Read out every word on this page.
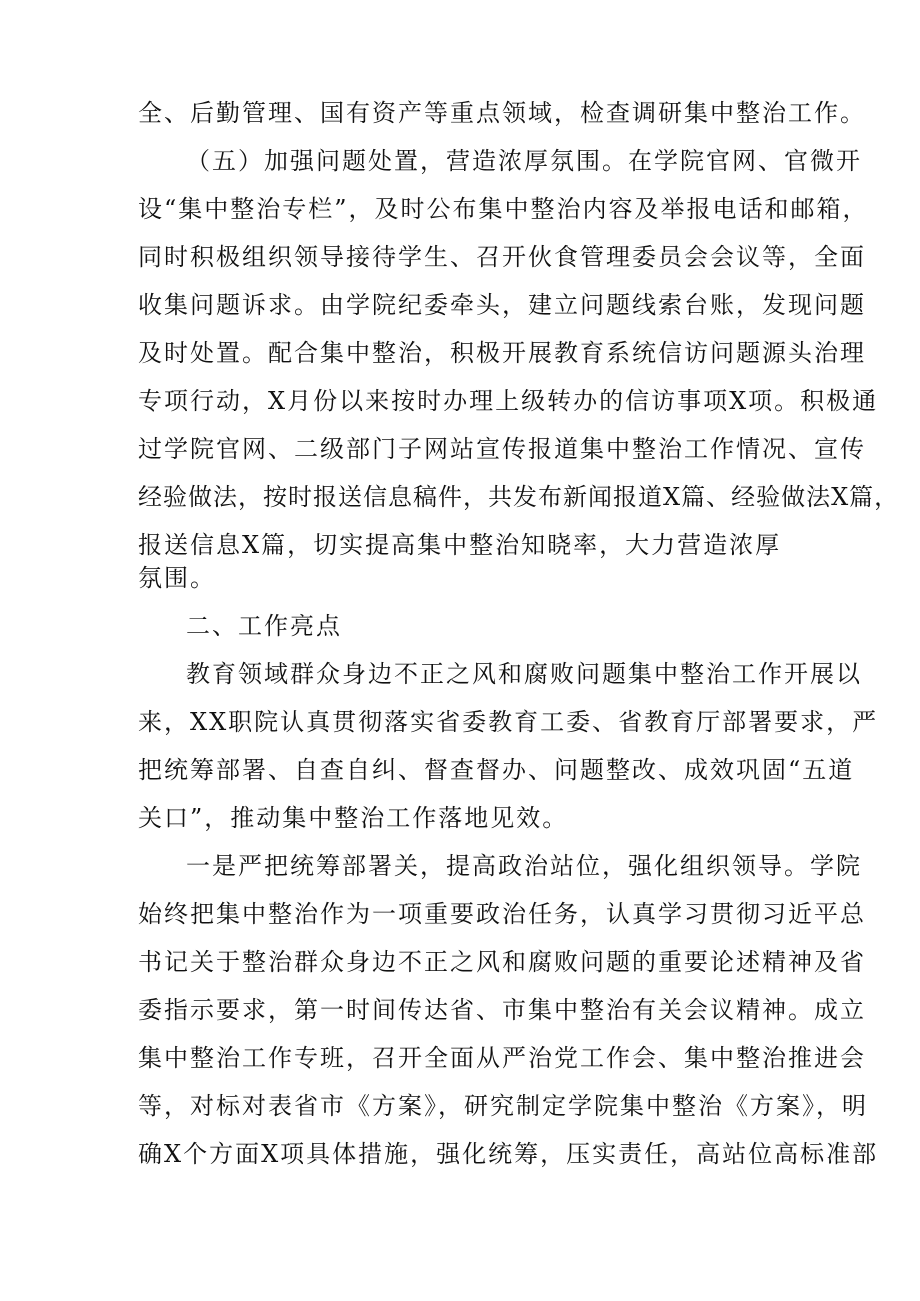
全、后勤管理、国有资产等重点领域，检查调研集中整治工作。
（五）加强问题处置，营造浓厚氛围。在学院官网、官微开
设“集中整治专栏”，及时公布集中整治内容及举报电话和邮箱，
同时积极组织领导接待学生、召开伙食管理委员会会议等，全面
收集问题诉求。由学院纪委牵头，建立问题线索台账，发现问题
及时处置。配合集中整治，积极开展教育系统信访问题源头治理
专项行动，X月份以来按时办理上级转办的信访事项X项。积极通
过学院官网、二级部门子网站宣传报道集中整治工作情况、宣传
经验做法，按时报送信息稿件，共发布新闻报道X篇、经验做法X篇，
报送信息X篇，切实提高集中整治知晓率，大力营造浓厚
氛围。
二、工作亮点
教育领域群众身边不正之风和腐败问题集中整治工作开展以
来，XX职院认真贯彻落实省委教育工委、省教育厅部署要求，严
把统筹部署、自查自纠、督查督办、问题整改、成效巩固“五道
关口”，推动集中整治工作落地见效。
一是严把统筹部署关，提高政治站位，强化组织领导。学院
始终把集中整治作为一项重要政治任务，认真学习贯彻习近平总
书记关于整治群众身边不正之风和腐败问题的重要论述精神及省
委指示要求，第一时间传达省、市集中整治有关会议精神。成立
集中整治工作专班，召开全面从严治党工作会、集中整治推进会
等，对标对表省市《方案》，研究制定学院集中整治《方案》，明
确X个方面X项具体措施，强化统筹，压实责任，高站位高标准部
